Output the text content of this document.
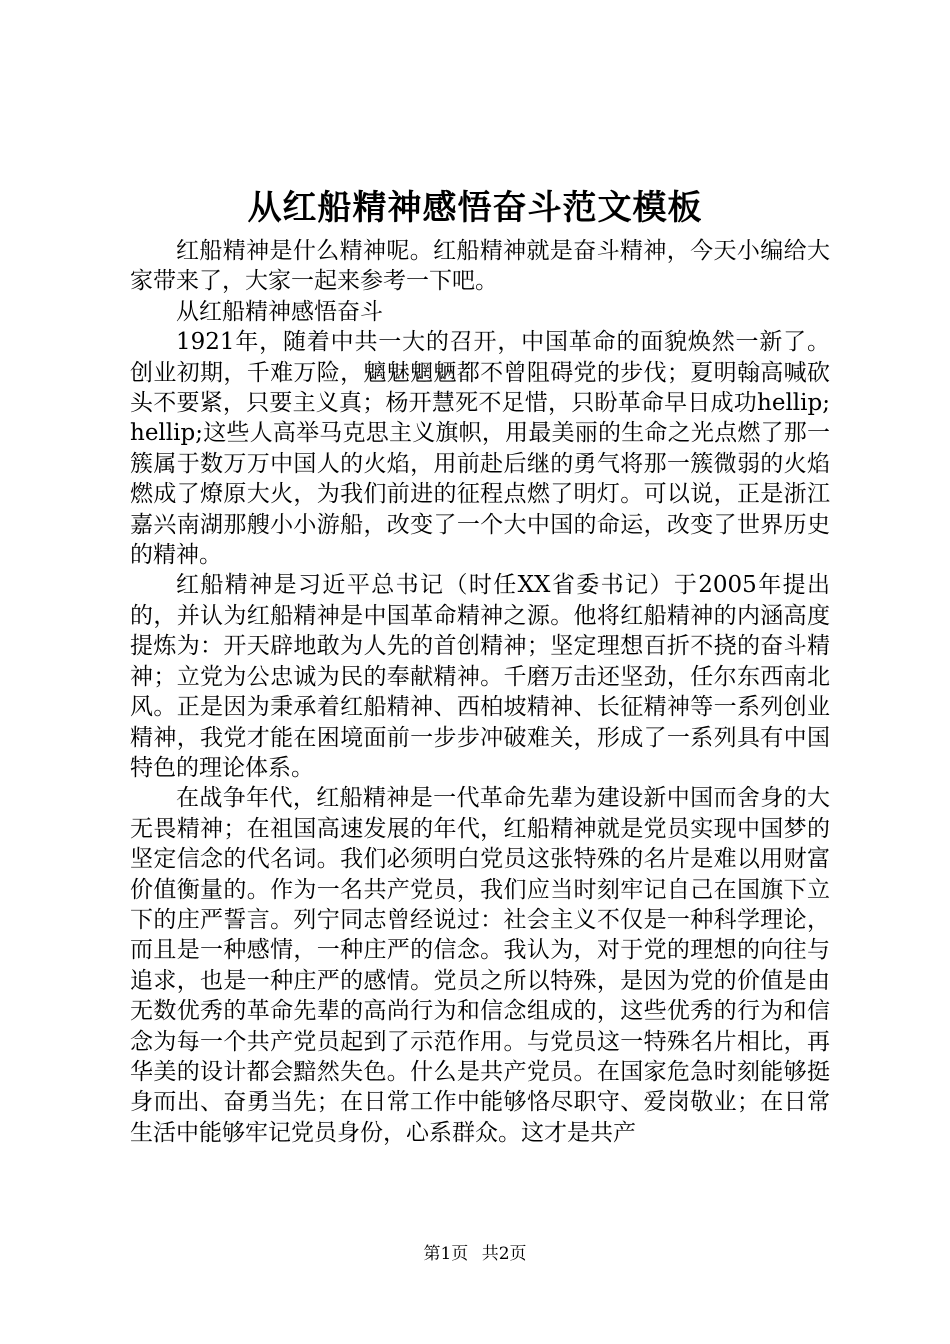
从红船精神感悟奋斗范文模板

红船精神是什么精神呢。红船精神就是奋斗精神，今天小编给大家带来了，大家一起来参考一下吧。

从红船精神感悟奋斗

1921年，随着中共一大的召开，中国革命的面貌焕然一新了。创业初期，千难万险，魑魅魍魉都不曾阻碍党的步伐；夏明翰高喊砍头不要紧，只要主义真；杨开慧死不足惜，只盼革命早日成功hellip;hellip;这些人高举马克思主义旗帜，用最美丽的生命之光点燃了那一簇属于数万万中国人的火焰，用前赴后继的勇气将那一簇微弱的火焰燃成了燎原大火，为我们前进的征程点燃了明灯。可以说，正是浙江嘉兴南湖那艘小小游船，改变了一个大中国的命运，改变了世界历史的精神。

红船精神是习近平总书记（时任XX省委书记）于2005年提出的，并认为红船精神是中国革命精神之源。他将红船精神的内涵高度提炼为：开天辟地敢为人先的首创精神；坚定理想百折不挠的奋斗精神；立党为公忠诚为民的奉献精神。千磨万击还坚劲，任尔东西南北风。正是因为秉承着红船精神、西柏坡精神、长征精神等一系列创业精神，我党才能在困境面前一步步冲破难关，形成了一系列具有中国特色的理论体系。

在战争年代，红船精神是一代革命先辈为建设新中国而舍身的大无畏精神；在祖国高速发展的年代，红船精神就是党员实现中国梦的坚定信念的代名词。我们必须明白党员这张特殊的名片是难以用财富价值衡量的。作为一名共产党员，我们应当时刻牢记自己在国旗下立下的庄严誓言。列宁同志曾经说过：社会主义不仅是一种科学理论，而且是一种感情，一种庄严的信念。我认为，对于党的理想的向往与追求，也是一种庄严的感情。党员之所以特殊，是因为党的价值是由无数优秀的革命先辈的高尚行为和信念组成的，这些优秀的行为和信念为每一个共产党员起到了示范作用。与党员这一特殊名片相比，再华美的设计都会黯然失色。什么是共产党员。在国家危急时刻能够挺身而出、奋勇当先；在日常工作中能够恪尽职守、爱岗敬业；在日常生活中能够牢记党员身份，心系群众。这才是共产

第1页 共2页
